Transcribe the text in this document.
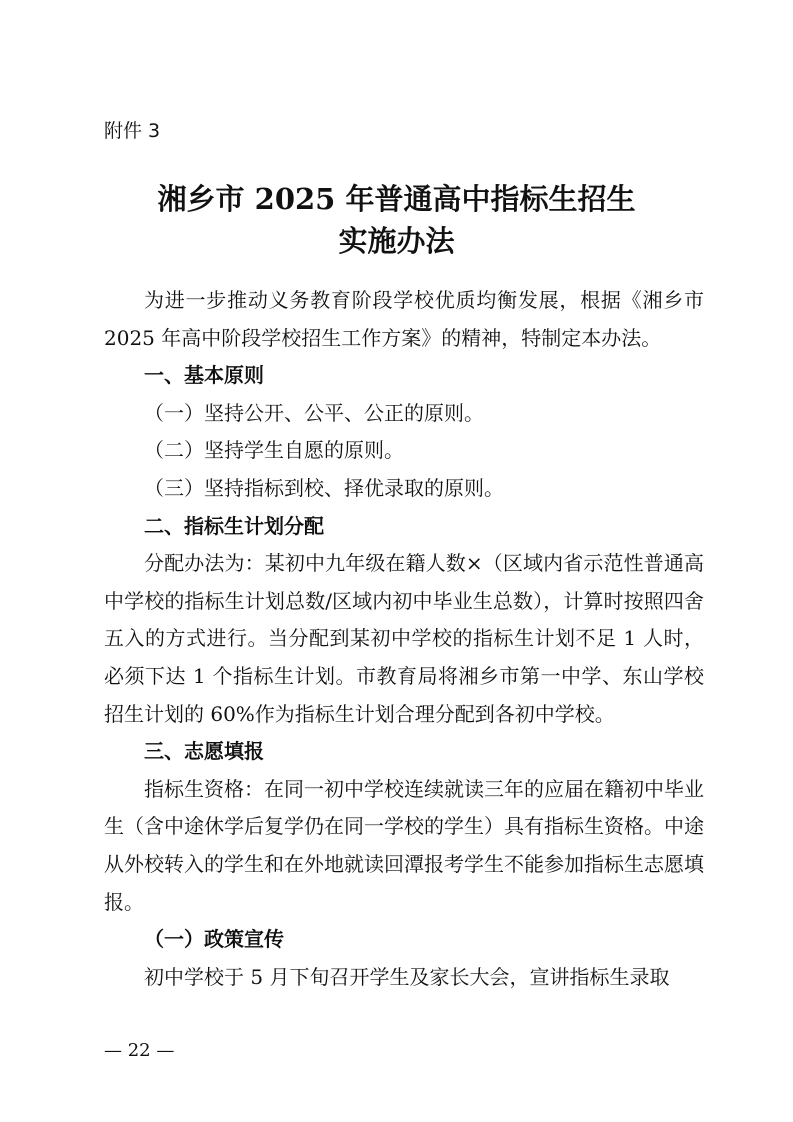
附件 3
湘乡市 2025 年普通高中指标生招生
实施办法

为进一步推动义务教育阶段学校优质均衡发展，根据《湘乡市 2025 年高中阶段学校招生工作方案》的精神，特制定本办法。

一、基本原则

（一）坚持公开、公平、公正的原则。

（二）坚持学生自愿的原则。

（三）坚持指标到校、择优录取的原则。

二、指标生计划分配

分配办法为：某初中九年级在籍人数×（区域内省示范性普通高中学校的指标生计划总数/区域内初中毕业生总数），计算时按照四舍五入的方式进行。当分配到某初中学校的指标生计划不足 1 人时，必须下达 1 个指标生计划。市教育局将湘乡市第一中学、东山学校招生计划的 60%作为指标生计划合理分配到各初中学校。

三、志愿填报

指标生资格：在同一初中学校连续就读三年的应届在籍初中毕业生（含中途休学后复学仍在同一学校的学生）具有指标生资格。中途从外校转入的学生和在外地就读回潭报考学生不能参加指标生志愿填报。

（一）政策宣传

初中学校于 5 月下旬召开学生及家长大会，宣讲指标生录取

— 22 —
